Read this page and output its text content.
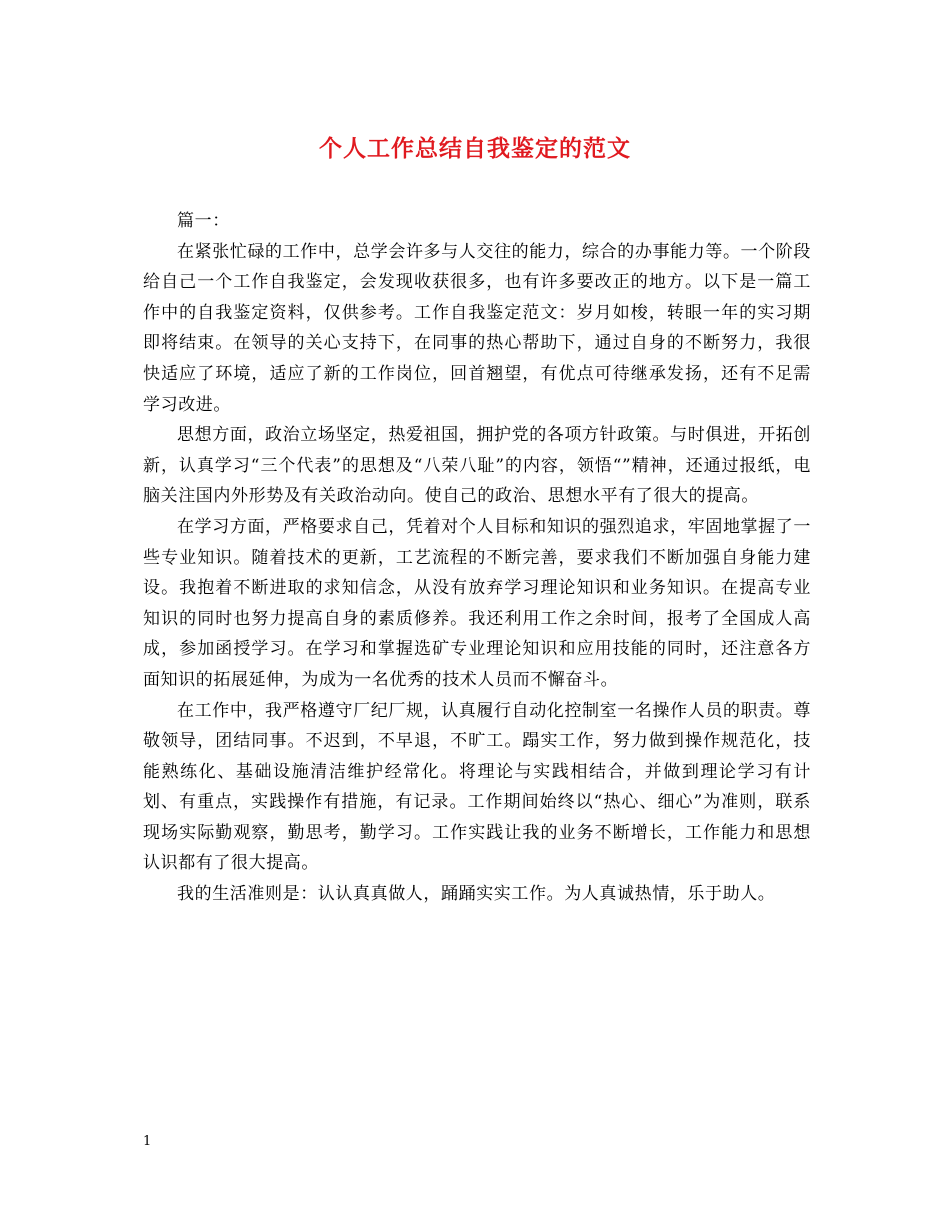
个人工作总结自我鉴定的范文

篇一：

在紧张忙碌的工作中，总学会许多与人交往的能力，综合的办事能力等。一个阶段给自己一个工作自我鉴定，会发现收获很多，也有许多要改正的地方。以下是一篇工作中的自我鉴定资料，仅供参考。工作自我鉴定范文：岁月如梭，转眼一年的实习期即将结束。在领导的关心支持下，在同事的热心帮助下，通过自身的不断努力，我很快适应了环境，适应了新的工作岗位，回首翘望，有优点可待继承发扬，还有不足需学习改进。

思想方面，政治立场坚定，热爱祖国，拥护党的各项方针政策。与时俱进，开拓创新，认真学习“三个代表”的思想及“八荣八耻”的内容，领悟“”精神，还通过报纸，电脑关注国内外形势及有关政治动向。使自己的政治、思想水平有了很大的提高。

在学习方面，严格要求自己，凭着对个人目标和知识的强烈追求，牢固地掌握了一些专业知识。随着技术的更新，工艺流程的不断完善，要求我们不断加强自身能力建设。我抱着不断进取的求知信念，从没有放弃学习理论知识和业务知识。在提高专业知识的同时也努力提高自身的素质修养。我还利用工作之余时间，报考了全国成人高成，参加函授学习。在学习和掌握选矿专业理论知识和应用技能的同时，还注意各方面知识的拓展延伸，为成为一名优秀的技术人员而不懈奋斗。

在工作中，我严格遵守厂纪厂规，认真履行自动化控制室一名操作人员的职责。尊敬领导，团结同事。不迟到，不早退，不旷工。蹋实工作，努力做到操作规范化，技能熟练化、基础设施清洁维护经常化。将理论与实践相结合，并做到理论学习有计划、有重点，实践操作有措施，有记录。工作期间始终以“热心、细心”为准则，联系现场实际勤观察，勤思考，勤学习。工作实践让我的业务不断增长，工作能力和思想认识都有了很大提高。

我的生活准则是：认认真真做人，踊踊实实工作。为人真诚热情，乐于助人。

1
